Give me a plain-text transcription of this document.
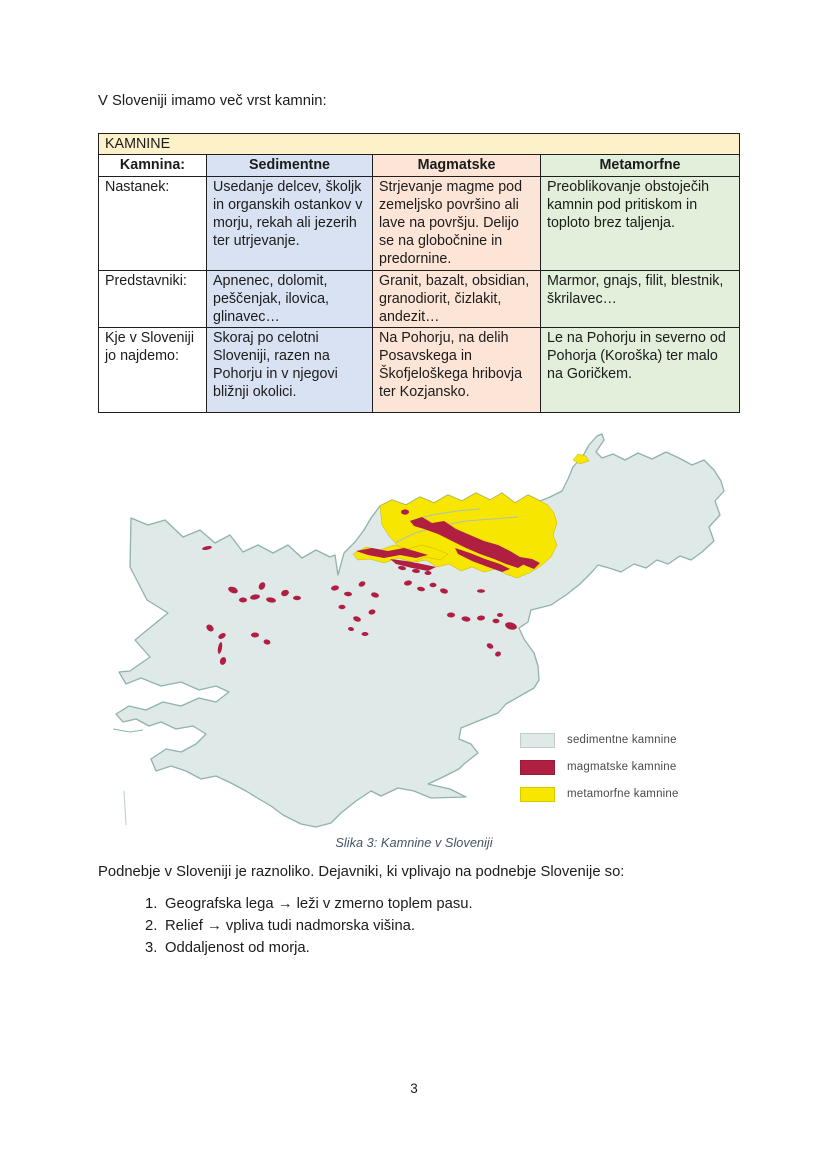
V Sloveniji imamo več vrst kamnin:
KAMNINE			
Kamnina:	Sedimentne	Magmatske	Metamorfne
Nastanek:	Usedanje delcev, školjk in organskih ostankov v morju, rekah ali jezerih ter utrjevanje.	Strjevanje magme pod zemeljsko površino ali lave na površju. Delijo se na globočnine in predornine.	Preoblikovanje obstoječih kamnin pod pritiskom in toploto brez taljenja.
Predstavniki:	Apnenec, dolomit, peščenjak, ilovica, glinavec…	Granit, bazalt, obsidian, granodiorit, čizlakit, andezit…	Marmor, gnajs, filit, blestnik, škrilavec…
Kje v Sloveniji jo najdemo:	Skoraj po celotni Sloveniji, razen na Pohorju in v njegovi bližnji okolici.	Na Pohorju, na delih Posavskega in Škofjeloškega hribovja ter Kozjansko.	Le na Pohorju in severno od Pohorja (Koroška) ter malo na Goričkem.
sedimentne kamnine
magmatske kamnine
metamorfne kamnine
Slika 3: Kamnine v Sloveniji
Podnebje v Sloveniji je raznoliko. Dejavniki, ki vplivajo na podnebje Slovenije so:
1. Geografska lega → leži v zmerno toplem pasu.
2. Relief → vpliva tudi nadmorska višina.
3. Oddaljenost od morja.
3
